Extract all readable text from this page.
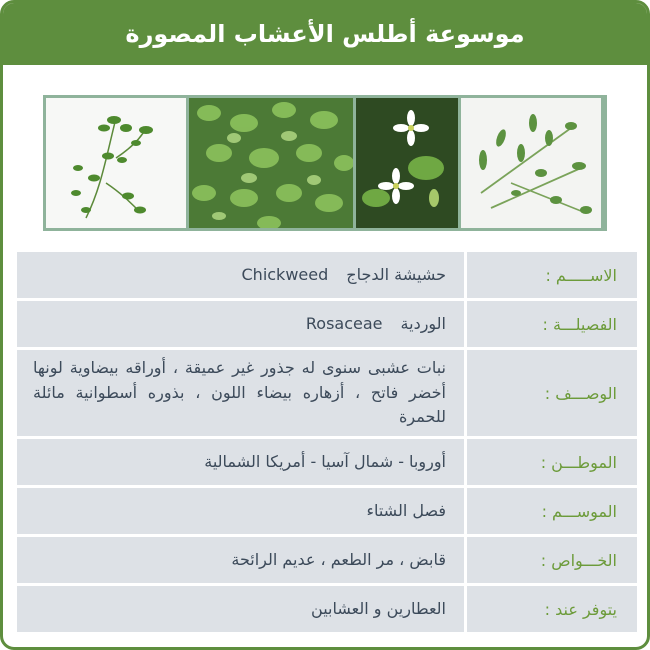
موسوعة أطلس الأعشاب المصورة
الاســـــم :
حشيشة الدجاج
Chickweed
الفصيلـــة :
الوردية
Rosaceae
الوصـــف :

نبات عشبى سنوى له جذور غير عميقة ، أوراقه بيضاوية لونها أخضر فاتح ، أزهاره بيضاء اللون ، بذوره أسطوانية مائلة للحمرة

الموطـــن :
أوروبا - شمال آسيا - أمريكا الشمالية
الموســـم :
فصل الشتاء
الخـــواص :
قابض ، مر الطعم ، عديم الرائحة
يتوفر عند :
العطارين و العشابين
